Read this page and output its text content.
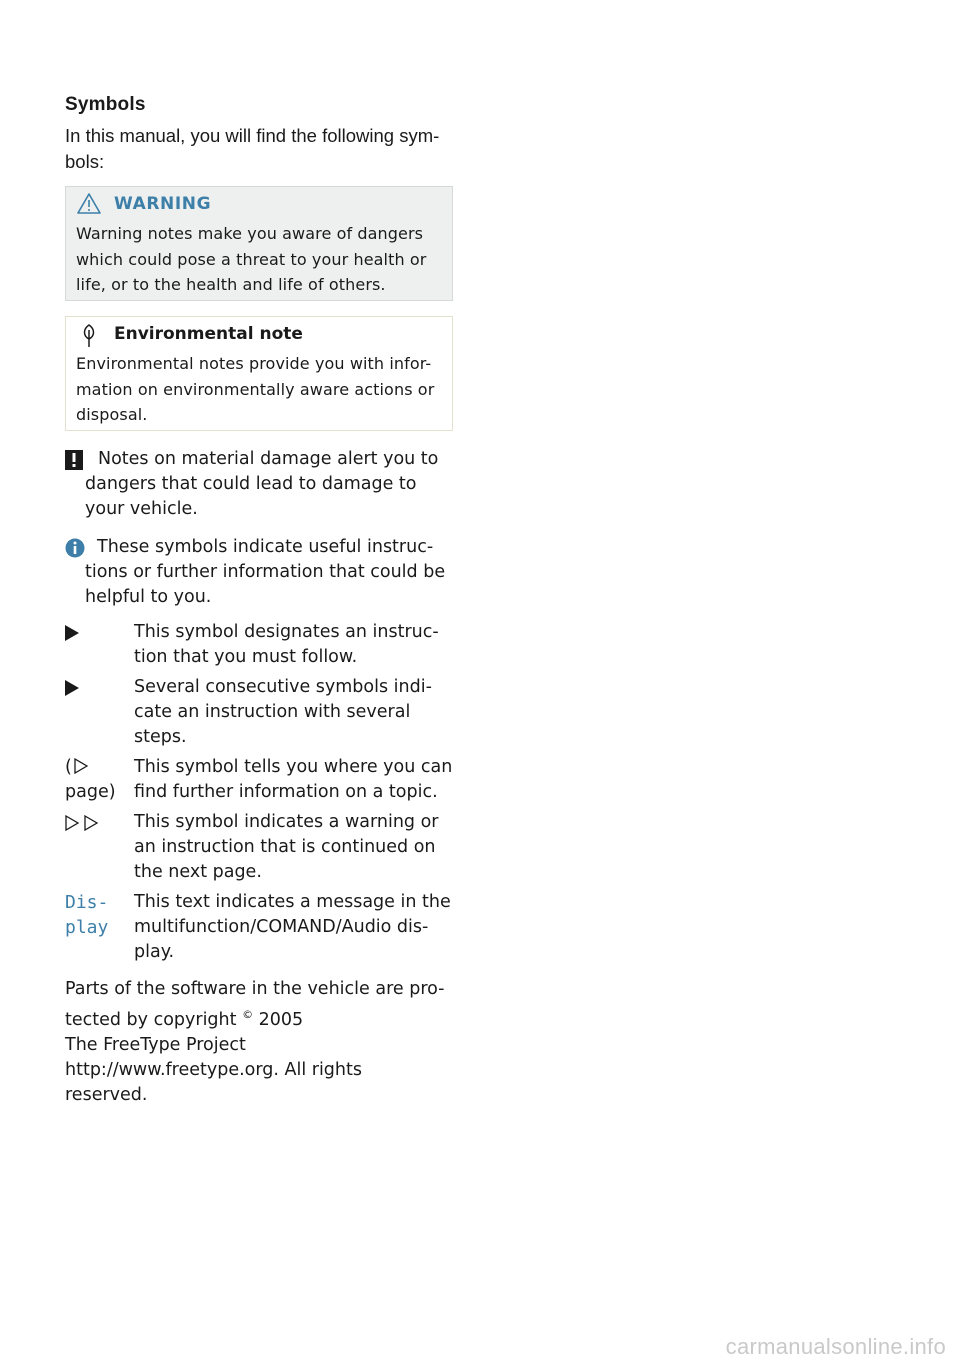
Symbols

In this manual, you will find the following sym-bols:

WARNING
Warning notes make you aware of dangers which could pose a threat to your health or life, or to the health and life of others.
Environmental note
Environmental notes provide you with infor-mation on environmentally aware actions or disposal.
Notes on material damage alert you to dangers that could lead to damage to your vehicle.
These symbols indicate useful instruc-tions or further information that could be helpful to you.
This symbol designates an instruc-tion that you must follow.
Several consecutive symbols indi-cate an instruction with several steps.
(
page)
This symbol tells you where you can find further information on a topic.
This symbol indicates a warning or an instruction that is continued on the next page.
Dis‐
play
This text indicates a message in the multifunction/COMAND/Audio dis-play.
Parts of the software in the vehicle are pro-
tected by copyright © 2005
The FreeType Project
http://www.freetype.org. All rights
reserved.
carmanualsonline.info
